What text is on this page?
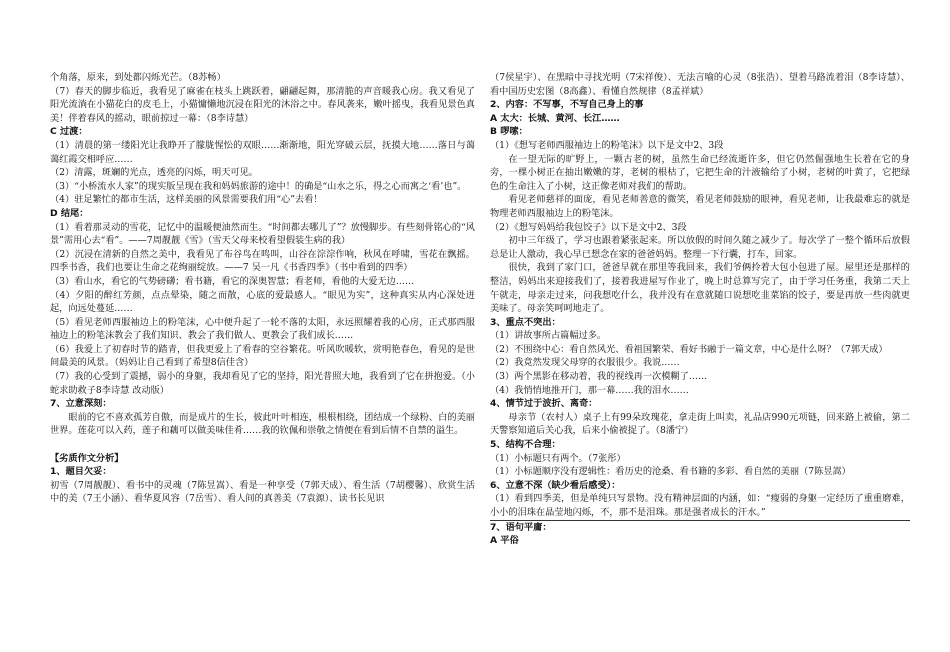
个角落，原来，到处都闪烁光芒。（8苏畅）

（7）春天的脚步临近，我看见了麻雀在枝头上跳跃着，翩翩起舞，那清脆的声音暖我心房。我又看见了阳光流淌在小猫花白的皮毛上，小猫慵懒地沉浸在阳光的沐浴之中。春风袭来，嫩叶摇曳，我看见景色真美！伴着春风的摇动，眼前掠过一幕：（8李诗慧）

C 过渡：

（1）清晨的第一缕阳光让我睁开了朦胧惺忪的双眼……渐渐地，阳光穿破云层，抚摸大地……落日与蔼蔼红霞交相呼应……

（2）清露，斑斓的光点，透亮的闪烁，明天可见。

（3）“小桥流水人家”的现实版呈现在我和妈妈旅游的途中！的确是“山水之乐，得之心而寓之‘看’也”。

（4）驻足繁忙的都市生活，这样美丽的风景需要我们用“心”去看！

D 结尾：

（1）看着那灵动的雪花，记忆中的温暖便油然而生。“时间都去哪儿了”？放慢脚步。有些刻骨铭心的“风景”需用心去“看”。——7周靓靓《雪》（雪天父母来校看望假装生病的我）

（2）沉浸在清新的自然之美中，我看见了布谷鸟在鸣叫，山谷在淙淙作响，秋风在呼啸，雪花在飘摇。四季书香，我们也要让生命之花绚丽绽放。——7 吴一凡《书香四季》（书中看到的四季）

（3）看山水，看它的气势磅礴；看书籍，看它的深奥智慧；看老师，看他的大爱无边……

（4）夕阳的醉红芳颜，点点晕染，随之而散，心底的爱最感人。“眼见为实”，这种真实从内心深处迸起，向远处蔓延……

（5）看见老师西服袖边上的粉笔沫，心中便升起了一轮不落的太阳，永远照耀着我的心房，正式那西服袖边上的粉笔沫教会了我们知识、教会了我们做人、更教会了我们成长……

（6）我爱上了初春时节的踏青，但我更爱上了看春的空谷繁花。听风吹暖软，赏明艳春色，看见的是世间最美的风景。（妈妈让自己看到了希望8信佳含）

（7）我的心受到了震撼，弱小的身躯，我却看见了它的坚持，阳光普照大地，我看到了它在拼抱爱。（小蛇求助救子8李诗慧 改动版）

7、立意深刻：

眼前的它不喜欢孤芳自傲，而是成片的生长，彼此叶叶相连，根根相绕，团结成一个绿粉、白的美丽世界。莲花可以入药，莲子和藕可以做美味佳肴……我的钦佩和崇敬之情便在看到后情不自禁的溢生。

【劣质作文分析】

1、题目欠妥：

初雪（7周靓靓）、看书中的灵魂（7陈昱嵩）、看是一种享受（7郭天成）、看生活（7胡樱馨）、欣赏生活中的美（7王小涵）、看华夏风容（7岳雪）、看人间的真善美（7袁源）、读书长见识

（7侯星宇）、在黑暗中寻找光明（7宋祥俊）、无法言喻的心灵（8张浩）、望着马路流着泪（8李诗慧）、看中国历史宏图（8高鑫）、看懂自然规律（8孟祥斌）

2、内容：不写事，不写自己身上的事

A 太大：长城、黄河、长江……

B 啰嗦：

（1）《想写老师西服袖边上的粉笔沫》以下是文中2、3段

在一望无际的旷野上，一颗古老的树，虽然生命已经流逝许多，但它仍然倔强地生长着在它的身旁，一棵小树正在抽出嫩嫩的芽，老树的根枯了，它把生命的汁液输给了小树，老树的叶黄了，它把绿色的生命注入了小树，这正像老师对我们的帮助。

看见老师慈祥的面庞，看见老师善意的微笑，看见老师鼓励的眼神，看见老师，让我最难忘的就是物理老师西服袖边上的粉笔沫。

（2）《想写妈妈给我包饺子》以下是文中2、3段

初中三年级了，学习也跟着紧张起来。所以放假的时间久随之减少了。每次学了一整个循环后放假总是让人激动，我心早已想念在家的爸爸妈妈。整理一下行囊，打车，回家。

很快，我到了家门口，爸爸早就在那里等我回来，我们爷俩拎着大包小包进了屋。屋里还是那样的整洁，妈妈出来迎接我们了，接着我进屋写作业了，晚上时总算写完了，由于学习任务重，我第二天上午就走，母亲走过来，问我想吃什么，我并没有在意就随口说想吃韭菜馅的饺子，要是再放一些肉就更美味了。母亲笑呵呵地走了。

3、重点不突出：

（1）讲故事所占篇幅过多。

（2）不围绕中心：看自然风光、看祖国繁荣、看好书融于一篇文章，中心是什么呀？（7郭天成）

（2）我竟然发现父母穿的衣服很少。我说……

（3）两个黑影在移动着，我的视线再一次模糊了……

（4）我悄悄地推开门，那一幕……我的泪水……

4、情节过于波折、离奇：

母亲节（农村人）桌子上有99朵玫瑰花，拿走街上叫卖，礼品店990元项链，回来路上被偷，第二天警察知道后关心我，后来小偷被捉了。（8潘宁）

5、结构不合理：

（1）小标题只有两个。（7张彤）

（1）小标题顺序没有逻辑性：看历史的沧桑、看书籍的多彩、看自然的美丽（7陈昱嵩）

6、立意不深（缺少看后感受）：

（1）看到四季美，但是单纯只写景物。没有精神层面的内涵，如：“瘦弱的身躯一定经历了重重磨难，小小的泪珠在晶莹地闪烁，不，那不是泪珠。那是强者成长的汗水。”

7、语句平庸：

A 平俗
